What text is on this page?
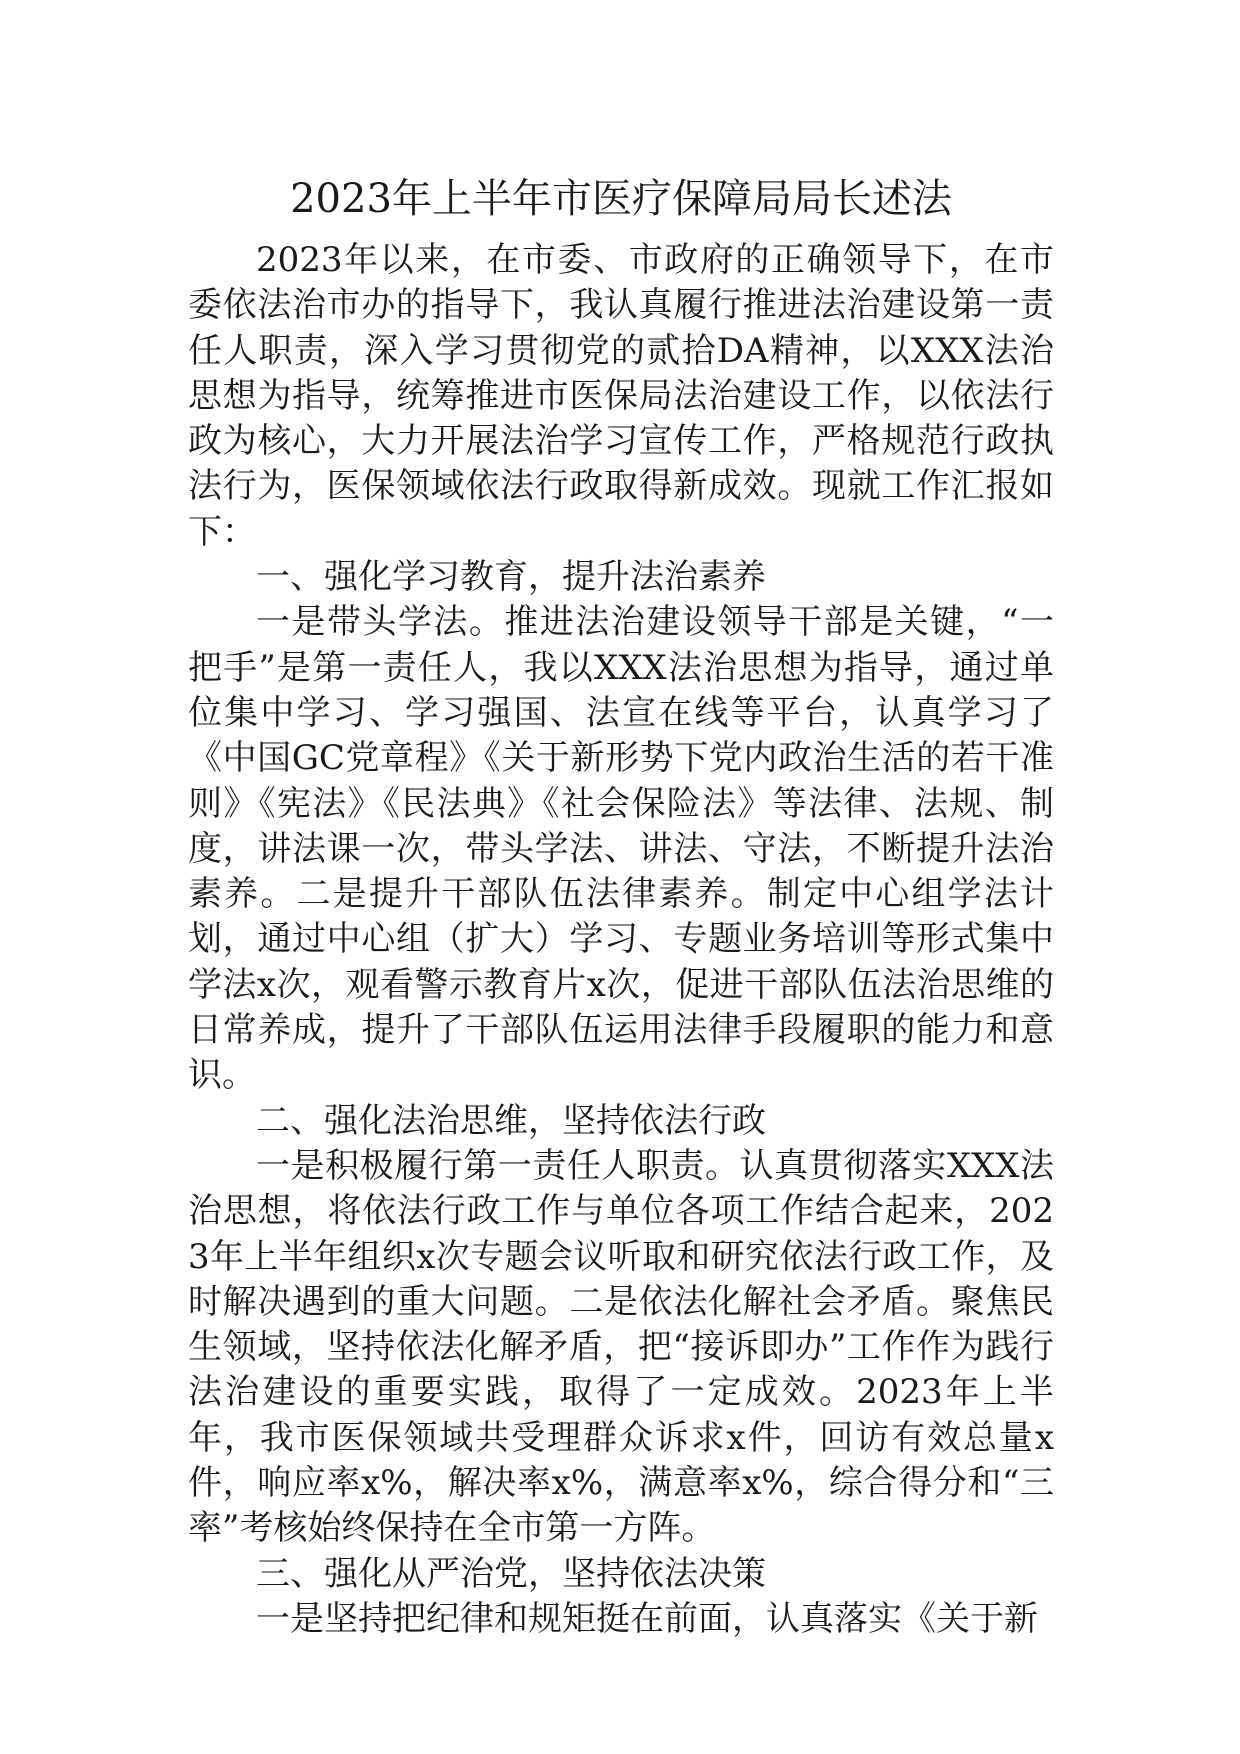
2023年上半年市医疗保障局局长述法

2023年以来，在市委、市政府的正确领导下，在市委依法治市办的指导下，我认真履行推进法治建设第一责任人职责，深入学习贯彻党的贰拾DA精神，以XXX法治思想为指导，统筹推进市医保局法治建设工作，以依法行政为核心，大力开展法治学习宣传工作，严格规范行政执法行为，医保领域依法行政取得新成效。现就工作汇报如下：

一、强化学习教育，提升法治素养

一是带头学法。推进法治建设领导干部是关键，“一把手”是第一责任人，我以XXX法治思想为指导，通过单位集中学习、学习强国、法宣在线等平台，认真学习了《中国GC党章程》《关于新形势下党内政治生活的若干准则》《宪法》《民法典》《社会保险法》等法律、法规、制度，讲法课一次，带头学法、讲法、守法，不断提升法治素养。二是提升干部队伍法律素养。制定中心组学法计划，通过中心组（扩大）学习、专题业务培训等形式集中学法x次，观看警示教育片x次，促进干部队伍法治思维的日常养成，提升了干部队伍运用法律手段履职的能力和意识。

二、强化法治思维，坚持依法行政

一是积极履行第一责任人职责。认真贯彻落实XXX法治思想，将依法行政工作与单位各项工作结合起来，2023年上半年组织x次专题会议听取和研究依法行政工作，及时解决遇到的重大问题。二是依法化解社会矛盾。聚焦民生领域，坚持依法化解矛盾，把“接诉即办”工作作为践行法治建设的重要实践，取得了一定成效。2023年上半年，我市医保领域共受理群众诉求x件，回访有效总量x件，响应率x%，解决率x%，满意率x%，综合得分和“三率”考核始终保持在全市第一方阵。

三、强化从严治党，坚持依法决策

一是坚持把纪律和规矩挺在前面，认真落实《关于新
